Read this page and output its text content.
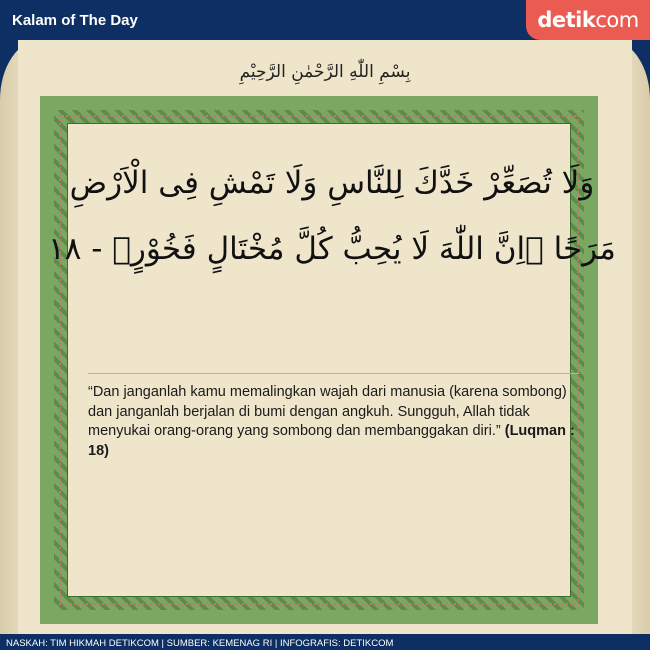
Kalam of The Day	detikcom
بِسْمِ اللّٰهِ الرَّحْمٰنِ الرَّحِيْمِ
وَلَا تُصَعِّرْ خَدَّكَ لِلنَّاسِ وَلَا تَمْشِ فِى الْاَرْضِ
مَرَحًا ۗاِنَّ اللّٰهَ لَا يُحِبُّ كُلَّ مُخْتَالٍ فَخُوْرٍۚ - ١٨
“Dan janganlah kamu memalingkan wajah dari manusia (karena sombong) dan janganlah berjalan di bumi dengan angkuh. Sungguh, Allah tidak menyukai orang-orang yang sombong dan membanggakan diri.” (Luqman : 18)
NASKAH: TIM HIKMAH DETIKCOM | SUMBER: KEMENAG RI | INFOGRAFIS: DETIKCOM
